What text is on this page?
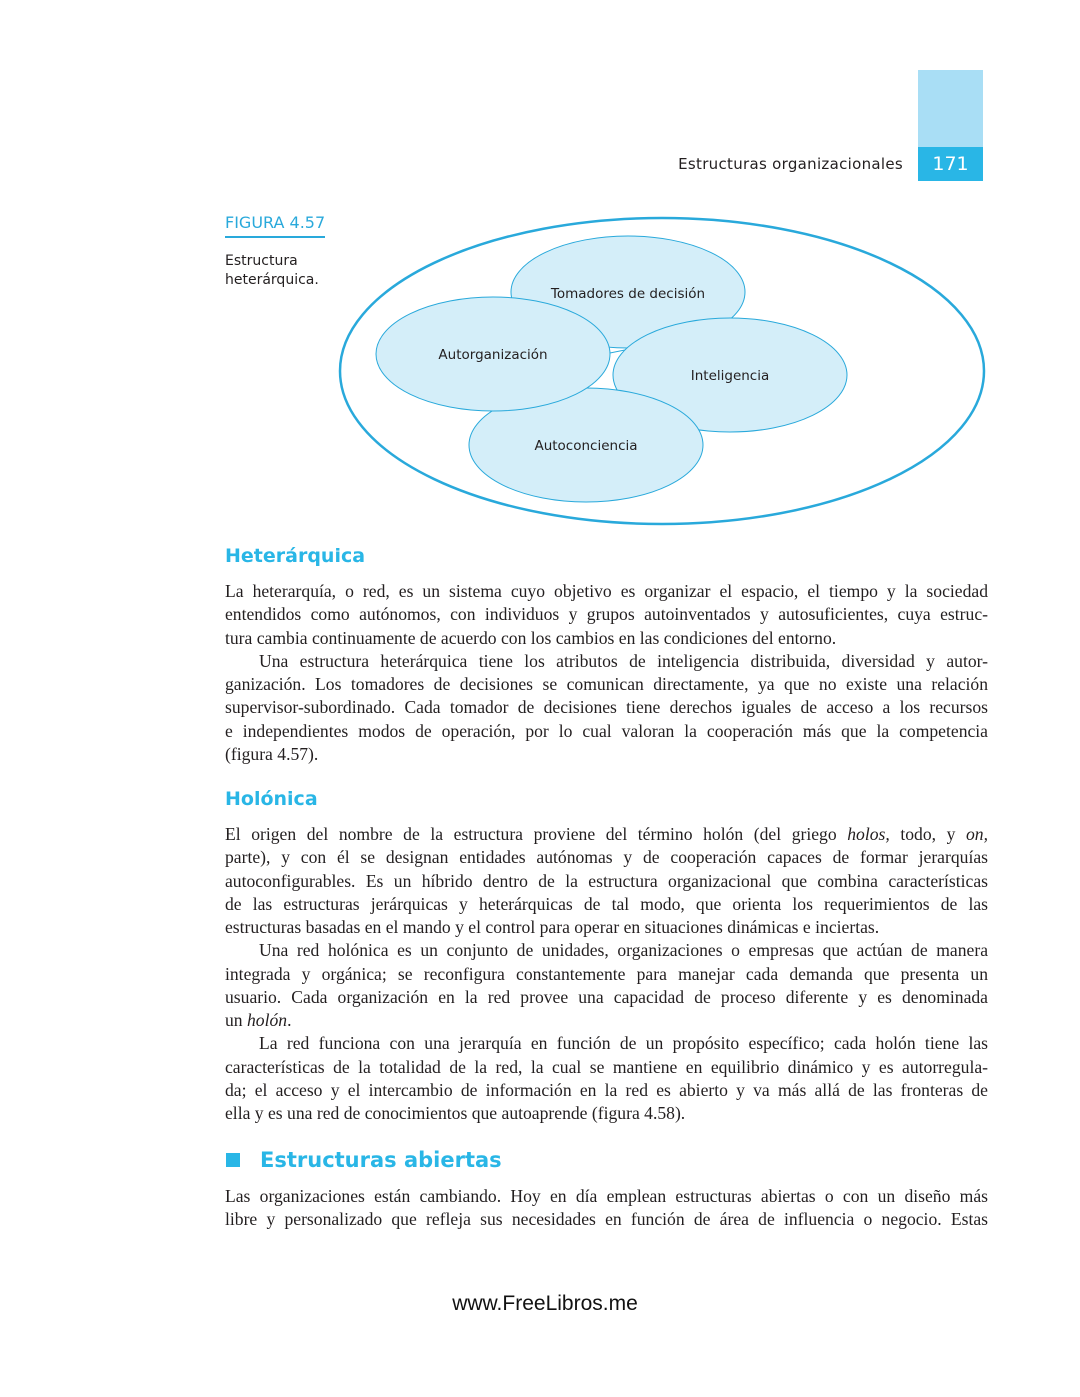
Estructuras organizacionales	171
FIGURA 4.57
Estructura heterárquica.
Tomadores de decisión
Inteligencia
Autoconciencia
Autorganización
Heterárquica
La heterarquía, o red, es un sistema cuyo objetivo es organizar el espacio, el tiempo y la sociedad
entendidos como autónomos, con individuos y grupos autoinventados y autosuficientes, cuya estruc-
tura cambia continuamente de acuerdo con los cambios en las condiciones del entorno.
Una estructura heterárquica tiene los atributos de inteligencia distribuida, diversidad y autor-
ganización. Los tomadores de decisiones se comunican directamente, ya que no existe una relación
supervisor-subordinado. Cada tomador de decisiones tiene derechos iguales de acceso a los recursos
e independientes modos de operación, por lo cual valoran la cooperación más que la competencia
(figura 4.57).
Holónica
El origen del nombre de la estructura proviene del término holón (del griego holos, todo, y on,
parte), y con él se designan entidades autónomas y de cooperación capaces de formar jerarquías
autoconfigurables. Es un híbrido dentro de la estructura organizacional que combina características
de las estructuras jerárquicas y heterárquicas de tal modo, que orienta los requerimientos de las
estructuras basadas en el mando y el control para operar en situaciones dinámicas e inciertas.
Una red holónica es un conjunto de unidades, organizaciones o empresas que actúan de manera
integrada y orgánica; se reconfigura constantemente para manejar cada demanda que presenta un
usuario. Cada organización en la red provee una capacidad de proceso diferente y es denominada
un holón.
La red funciona con una jerarquía en función de un propósito específico; cada holón tiene las
características de la totalidad de la red, la cual se mantiene en equilibrio dinámico y es autorregula-
da; el acceso y el intercambio de información en la red es abierto y va más allá de las fronteras de
ella y es una red de conocimientos que autoaprende (figura 4.58).
Estructuras abiertas
Las organizaciones están cambiando. Hoy en día emplean estructuras abiertas o con un diseño más
libre y personalizado que refleja sus necesidades en función de área de influencia o negocio. Estas
www.FreeLibros.me
